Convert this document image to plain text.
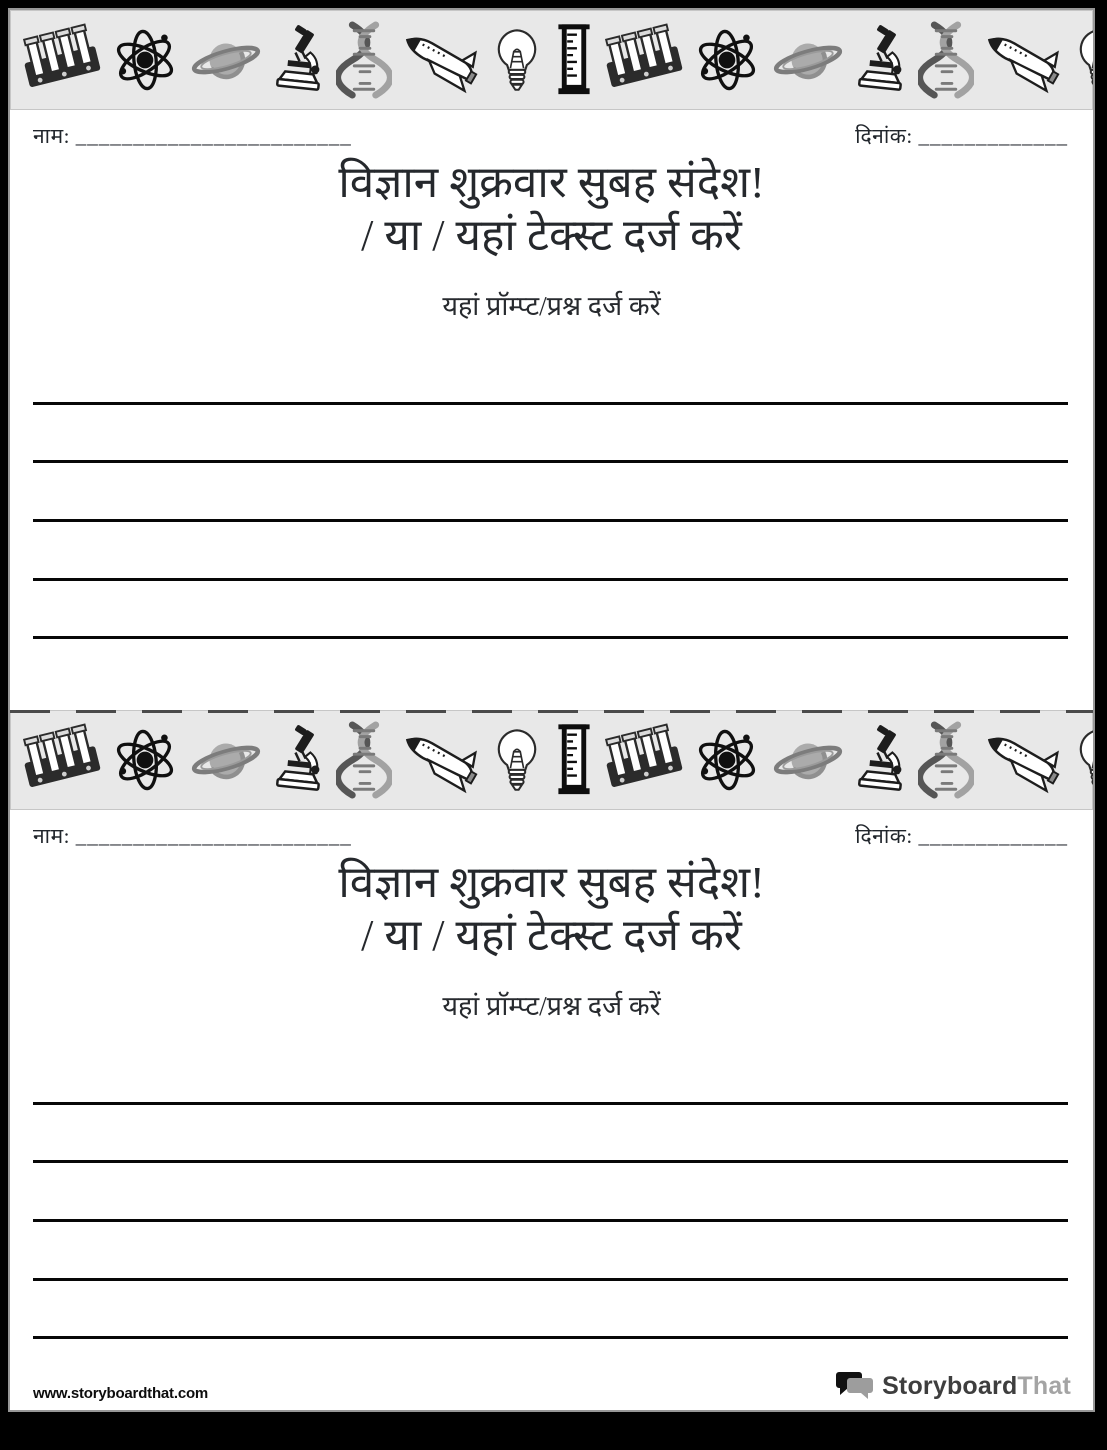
नाम: ________________________	दिनांक: _____________
विज्ञान शुक्रवार सुबह संदेश!
/ या / यहां टेक्स्ट दर्ज करें
यहां प्रॉम्प्ट/प्रश्न दर्ज करें
नाम: ________________________	दिनांक: _____________
विज्ञान शुक्रवार सुबह संदेश!
/ या / यहां टेक्स्ट दर्ज करें
यहां प्रॉम्प्ट/प्रश्न दर्ज करें
www.storyboardthat.com	StoryboardThat
